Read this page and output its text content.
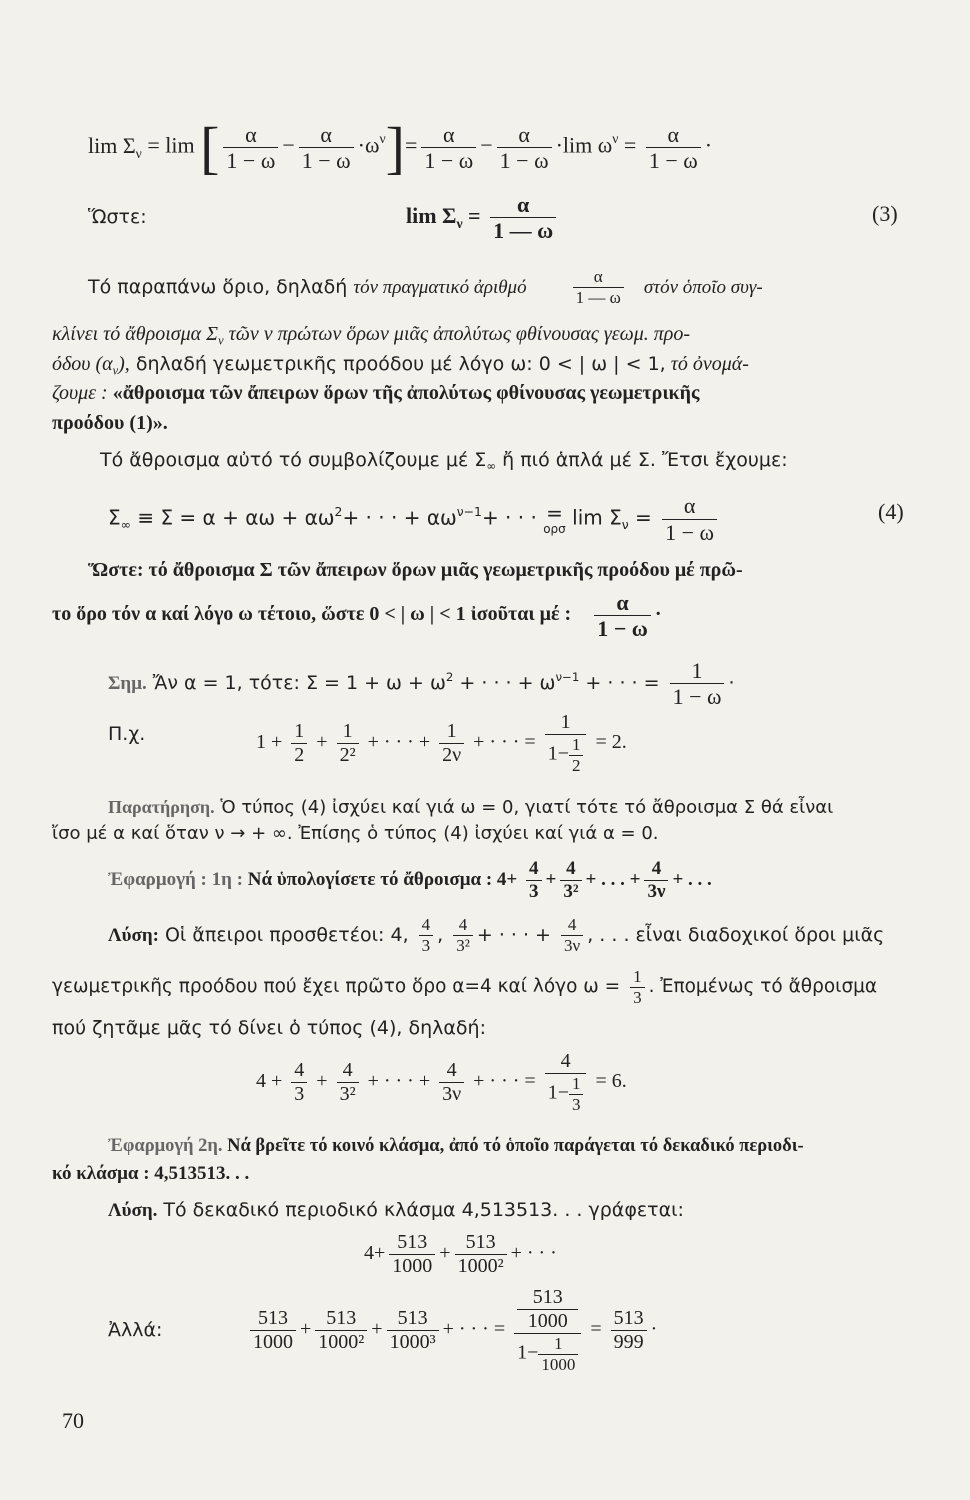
$\lim \Sigma_\nu = \lim$ [ $\frac{\alpha}{1 - \omega} - \frac{\alpha}{1 - \omega} \cdot\omega^\nu]= \frac{\alpha}{1 - \omega} - \frac{\alpha}{1 - \omega} \cdot\lim$ $\omega^\nu = \frac{\alpha}{1 - \omega}$ ·
Ὥστε:	$\lim \Sigma_\nu = \frac{\alpha}{1 — \omega}$	(3)
Τό παραπάνω ὅριο, δηλαδή τόν πραγματικό ἀριθμό	$\frac{\alpha}{1 — \omega}$ στόν ὁποῖο συγ-
κλίνει τό ἄθροισμα $\Sigma_\nu$ τῶν ν πρώτων ὅρων μιᾶς ἀπολύτως φθίνουσας γεωμ. προ-
όδου $(\alpha_\nu)$, δηλαδή γεωμετρικῆς προόδου μέ λόγο ω: 0 < | ω | < 1, τό ὀνομά-
ζουμε : «ἄθροισμα τῶν ἄπειρων ὅρων τῆς ἀπολύτως φθίνουσας γεωμετρικῆς
προόδου (1)».
Τό ἄθροισμα αὐτό τό συμβολίζουμε μέ $\Sigma_\infty$ ἤ πιό ἁπλά μέ Σ. Ἔτσι ἔχουμε:
$\Sigma_\infty \equiv \Sigma = \alpha + \alpha\omega + \alpha\omega^2+$ · · · + $\alpha\omega^{\nu-1}+$ · · · =
ορσ $\lim \Sigma_\nu = \frac{\alpha}{1 - \omega}$	(4)
Ὥστε: τό ἄθροισμα Σ τῶν ἄπειρων ὅρων μιᾶς γεωμετρικῆς προόδου μέ πρῶ-
το ὅρο τόν α καί λόγο ω τέτοιο, ὥστε 0 < | ω | < 1 ἰσοῦται μέ : $\frac{\alpha}{1 - \omega}$ ·
Σημ. Ἄν α = 1, τότε: $\Sigma = 1 + \omega + \omega^2$ + · · · + $\omega^{\nu-1}$ + · · · = $\frac{1}{1 - \omega}$ ·
Π.χ.	$1 + \frac{1}{2} + \frac{1}{\text{2²}}$ + · · · + $\frac{1}{2\nu}$ + · · · = $\frac{1}{1- \frac{1}{2}} = 2$.
Παρατήρηση. Ὁ τύπος (4) ἰσχύει καί γιά ω = 0, γιατί τότε τό ἄθροισμα Σ θά εἶναι
ἴσο μέ α καί ὅταν ν → + ∞. Ἐπίσης ὁ τύπος (4) ἰσχύει καί γιά α = 0.
Ἐφαρμογή : 1η : Νά ὑπολογίσετε τό ἄθροισμα : $4+ \frac{4}{3} + \frac{4}{\text{3²}}$ + . . . + $\frac{4}{3\nu}$ + . . .
Λύση: Οἱ ἄπειροι προσθετέοι: 4, $\frac{4}{3}$ , $\frac{4}{\text{3²}}$ + · · · + $\frac{4}{3\nu}$ , . . . εἶναι διαδοχικοί ὅροι μιᾶς
γεωμετρικῆς προόδου πού ἔχει πρῶτο ὅρο α=4 καί λόγο $\omega = \frac{1}{3}$ . Ἐπομένως τό ἄθροισμα
πού ζητᾶμε μᾶς τό δίνει ὁ τύπος (4), δηλαδή:
$4 + \frac{4}{3} + \frac{4}{\text{3²}}$ + · · · + $\frac{4}{3\nu}$ + · · · = $\frac{4}{1- \frac{1}{3}} = 6$.
Ἐφαρμογή 2η. Νά βρεῖτε τό κοινό κλάσμα, ἀπό τό ὁποῖο παράγεται τό δεκαδικό περιοδι-
κό κλάσμα : 4,513513. . .
Λύση. Τό δεκαδικό περιοδικό κλάσμα 4,513513. . . γράφεται:
$4+ \frac{513}{1000} + \frac{513}{\text{1000²}}$ + · · ·
Ἀλλά:	$\frac{513}{1000} + \frac{513}{\text{1000²}} + \frac{513}{\text{1000³}}$ + · · · = 513
1000
$1- \frac{1}{1000} = \frac{513}{999}$ ·
70
